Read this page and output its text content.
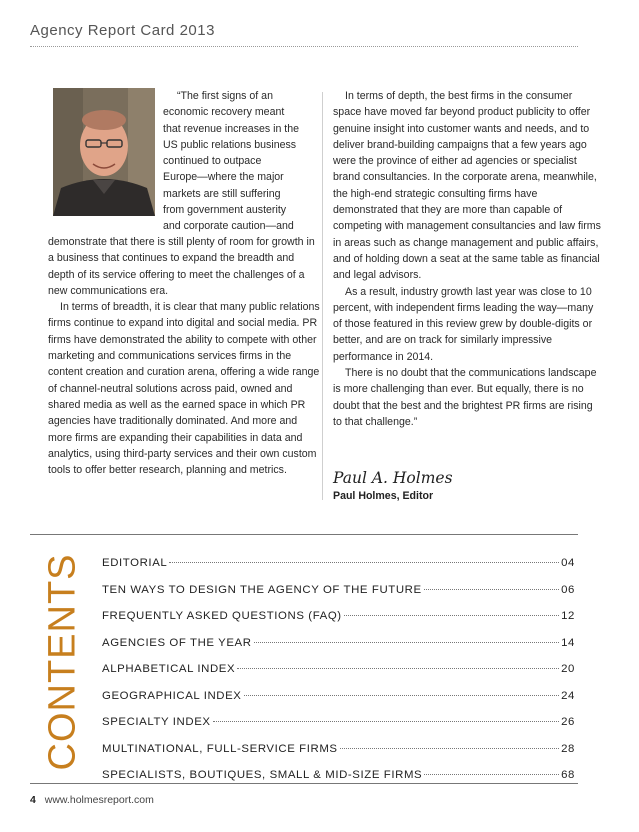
Agency Report Card 2013

“The first signs of an

economic recovery meant

that revenue increases in the

US public relations business

continued to outpace

Europe—where the major

markets are still suffering

from government austerity

and corporate caution—and

demonstrate that there is still plenty of room for growth in a business that continues to expand the breadth and depth of its service offering to meet the challenges of a new communications era.

In terms of breadth, it is clear that many public relations firms continue to expand into digital and social media. PR firms have demonstrated the ability to compete with other marketing and communications services firms in the content creation and curation arena, offering a wide range of channel-neutral solutions across paid, owned and shared media as well as the earned space in which PR agencies have traditionally dominated. And more and more firms are expanding their capabilities in data and analytics, using third-party services and their own custom tools to offer better research, planning and metrics.

In terms of depth, the best firms in the consumer space have moved far beyond product publicity to offer genuine insight into customer wants and needs, and to deliver brand-building campaigns that a few years ago were the province of either ad agencies or specialist brand consultancies. In the corporate arena, meanwhile, the high-end strategic consulting firms have demonstrated that they are more than capable of competing with management consultancies and law firms in areas such as change management and public affairs, and of holding down a seat at the same table as financial and legal advisors.

As a result, industry growth last year was close to 10 percent, with independent firms leading the way—many of those featured in this review grew by double-digits or better, and are on track for similarly impressive performance in 2014.

There is no doubt that the communications landscape is more challenging than ever. But equally, there is no doubt that the best and the brightest PR firms are rising to that challenge.”

Paul A. Holmes
Paul Holmes, Editor
CONTENTS EDITORIAL	04
TEN WAYS TO DESIGN THE AGENCY OF THE FUTURE	06
FREQUENTLY ASKED QUESTIONS (FAQ)	12
AGENCIES OF THE YEAR	14
ALPHABETICAL INDEX	20
GEOGRAPHICAL INDEX	24
SPECIALTY INDEX	26
MULTINATIONAL, FULL-SERVICE FIRMS	28
SPECIALISTS, BOUTIQUES, SMALL & MID-SIZE FIRMS	68
4 www.holmesreport.com
